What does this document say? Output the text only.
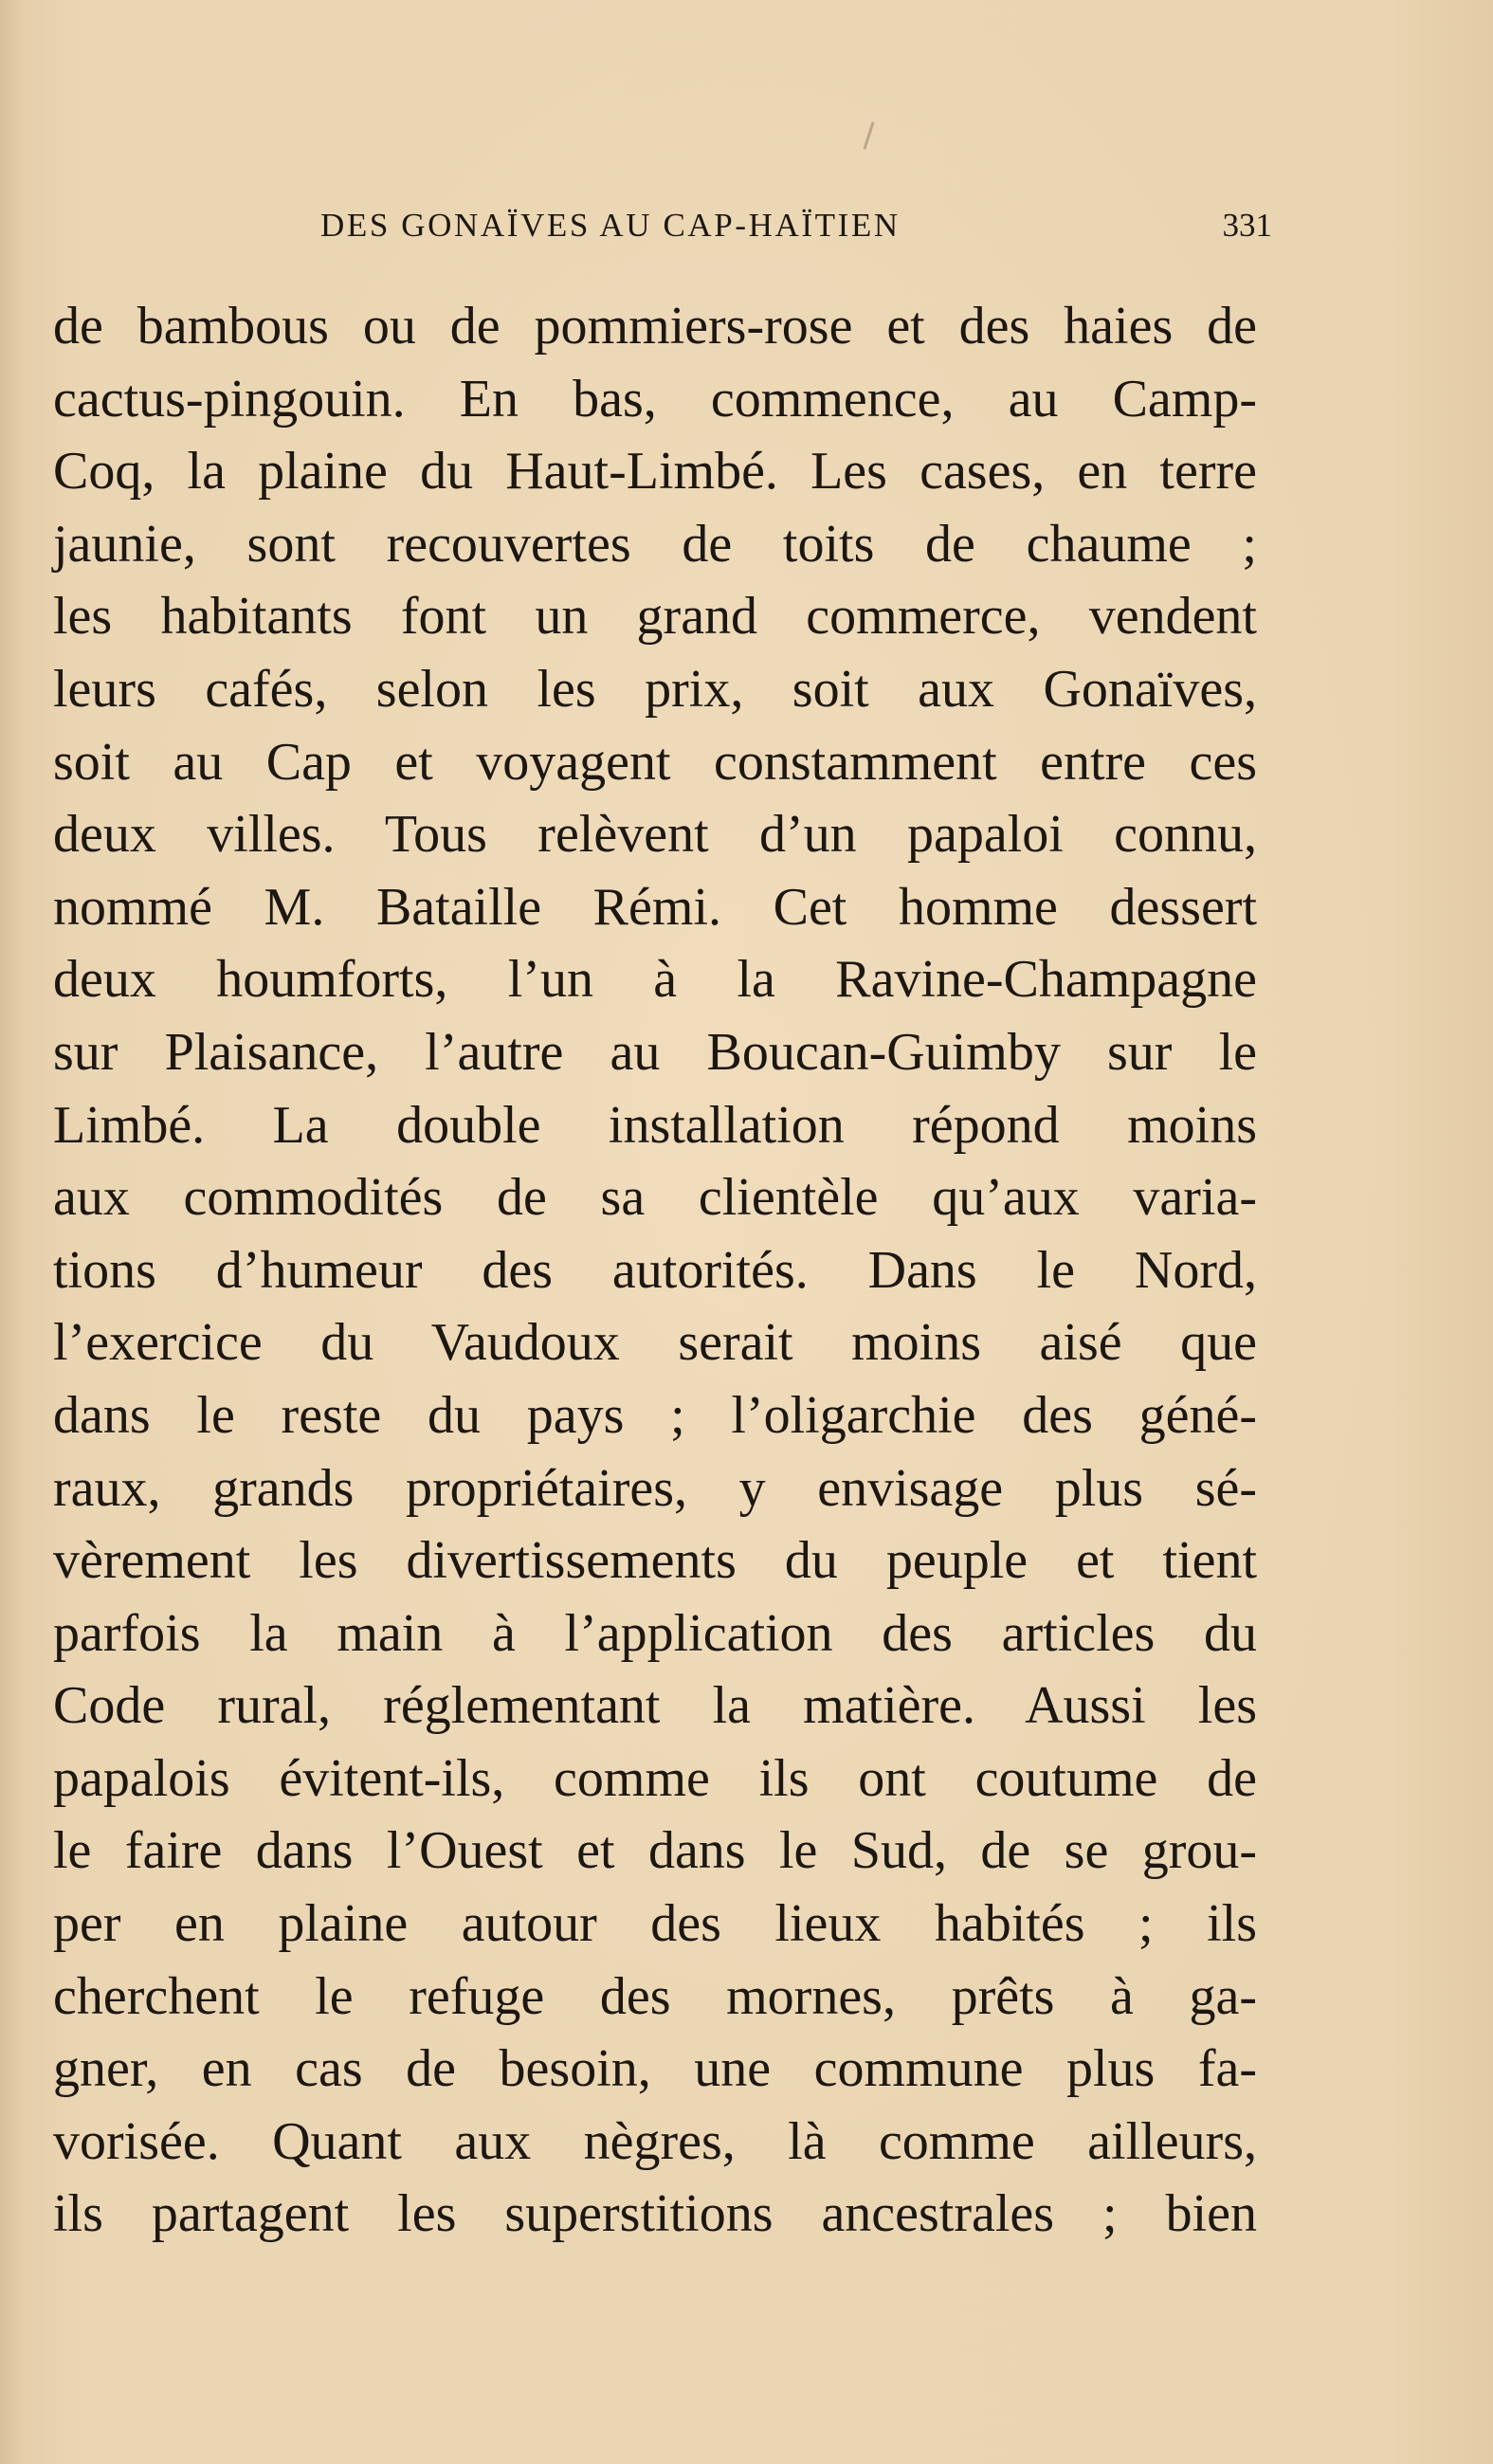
DES GONAÏVES AU CAP-HAÏTIEN	331
de bambous ou de pommiers-rose et des haies de
cactus-pingouin. En bas, commence, au Camp-
Coq, la plaine du Haut-Limbé. Les cases, en terre
jaunie, sont recouvertes de toits de chaume ;
les habitants font un grand commerce, vendent
leurs cafés, selon les prix, soit aux Gonaïves,
soit au Cap et voyagent constamment entre ces
deux villes. Tous relèvent d’un papaloi connu,
nommé M. Bataille Rémi. Cet homme dessert
deux houmforts, l’un à la Ravine-Champagne
sur Plaisance, l’autre au Boucan-Guimby sur le
Limbé. La double installation répond moins
aux commodités de sa clientèle qu’aux varia-
tions d’humeur des autorités. Dans le Nord,
l’exercice du Vaudoux serait moins aisé que
dans le reste du pays ; l’oligarchie des géné-
raux, grands propriétaires, y envisage plus sé-
vèrement les divertissements du peuple et tient
parfois la main à l’application des articles du
Code rural, réglementant la matière. Aussi les
papalois évitent-ils, comme ils ont coutume de
le faire dans l’Ouest et dans le Sud, de se grou-
per en plaine autour des lieux habités ; ils
cherchent le refuge des mornes, prêts à ga-
gner, en cas de besoin, une commune plus fa-
vorisée. Quant aux nègres, là comme ailleurs,
ils partagent les superstitions ancestrales ; bien
